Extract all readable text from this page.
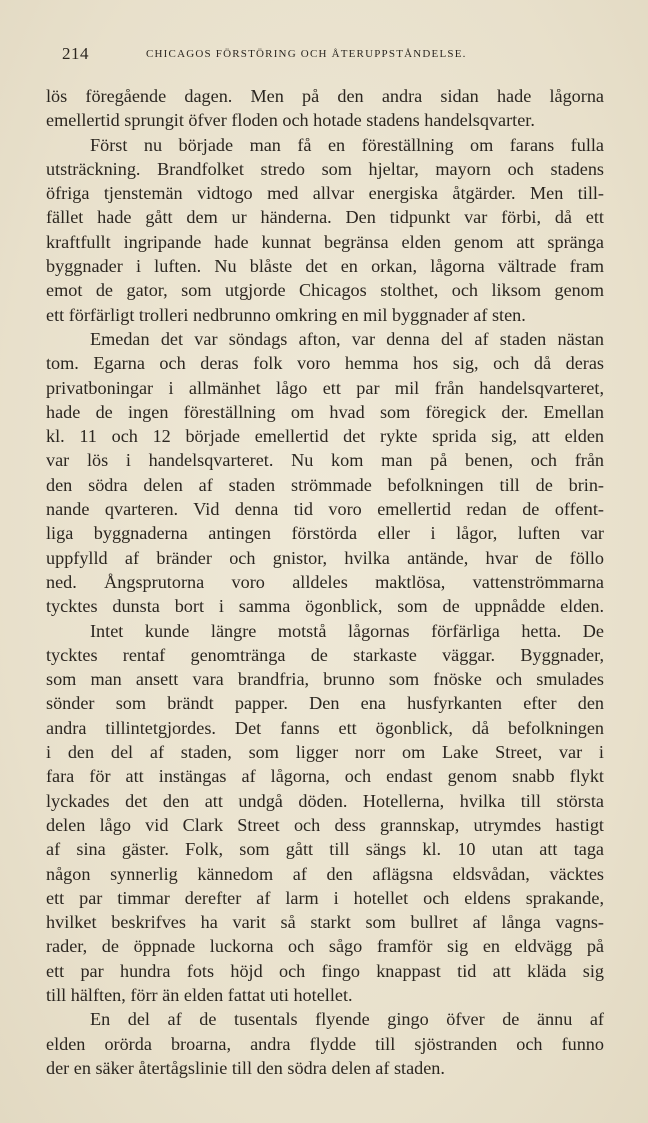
214	CHICAGOS FÖRSTÖRING OCH ÅTERUPPSTÅNDELSE.

lös föregående dagen. Men på den andra sidan hade lågorna

emellertid sprungit öfver floden och hotade stadens handelsqvarter.

Först nu började man få en föreställning om farans fulla

utsträckning. Brandfolket stredo som hjeltar, mayorn och stadens

öfriga tjenstemän vidtogo med allvar energiska åtgärder. Men till-

fället hade gått dem ur händerna. Den tidpunkt var förbi, då ett

kraftfullt ingripande hade kunnat begränsa elden genom att spränga

byggnader i luften. Nu blåste det en orkan, lågorna vältrade fram

emot de gator, som utgjorde Chicagos stolthet, och liksom genom

ett förfärligt trolleri nedbrunno omkring en mil byggnader af sten.

Emedan det var söndags afton, var denna del af staden nästan

tom. Egarna och deras folk voro hemma hos sig, och då deras

privatboningar i allmänhet lågo ett par mil från handelsqvarteret,

hade de ingen föreställning om hvad som föregick der. Emellan

kl. 11 och 12 började emellertid det rykte sprida sig, att elden

var lös i handelsqvarteret. Nu kom man på benen, och från

den södra delen af staden strömmade befolkningen till de brin-

nande qvarteren. Vid denna tid voro emellertid redan de offent-

liga byggnaderna antingen förstörda eller i lågor, luften var

uppfylld af bränder och gnistor, hvilka antände, hvar de föllo

ned. Ångsprutorna voro alldeles maktlösa, vattenströmmarna

tycktes dunsta bort i samma ögonblick, som de uppnådde elden.

Intet kunde längre motstå lågornas förfärliga hetta. De

tycktes rentaf genomtränga de starkaste väggar. Byggnader,

som man ansett vara brandfria, brunno som fnöske och smulades

sönder som brändt papper. Den ena husfyrkanten efter den

andra tillintetgjordes. Det fanns ett ögonblick, då befolkningen

i den del af staden, som ligger norr om Lake Street, var i

fara för att instängas af lågorna, och endast genom snabb flykt

lyckades det den att undgå döden. Hotellerna, hvilka till största

delen lågo vid Clark Street och dess grannskap, utrymdes hastigt

af sina gäster. Folk, som gått till sängs kl. 10 utan att taga

någon synnerlig kännedom af den aflägsna eldsvådan, väcktes

ett par timmar derefter af larm i hotellet och eldens sprakande,

hvilket beskrifves ha varit så starkt som bullret af långa vagns-

rader, de öppnade luckorna och sågo framför sig en eldvägg på

ett par hundra fots höjd och fingo knappast tid att kläda sig

till hälften, förr än elden fattat uti hotellet.

En del af de tusentals flyende gingo öfver de ännu af

elden orörda broarna, andra flydde till sjöstranden och funno

der en säker återtågslinie till den södra delen af staden.
